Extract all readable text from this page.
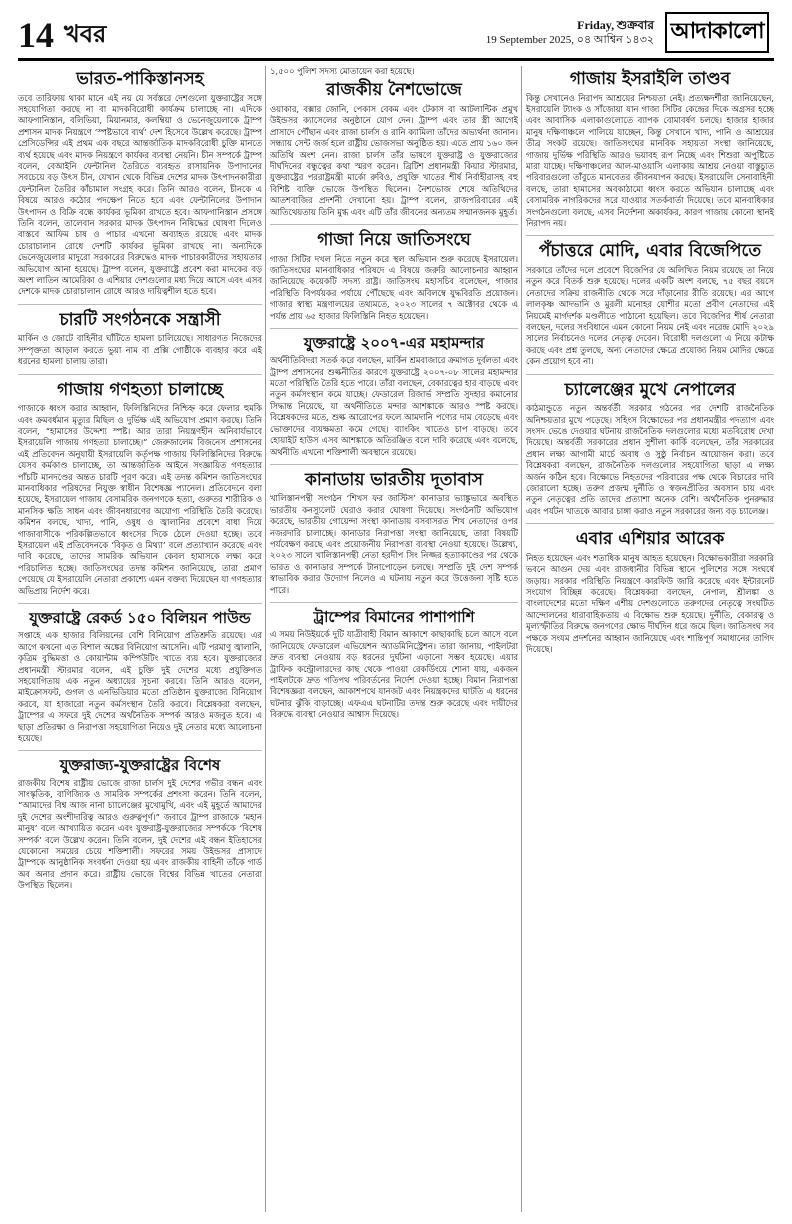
14 খবর	Friday, শুক্রবার
19 September 2025, ০৪ আশ্বিন ১৪৩২ আদাকালো
ভারত-পাকিস্তানসহ
তবে তারিফায় থাকা মানে এই নয় যে সর্বস্তরে দেশগুলো যুক্তরাষ্ট্রের সঙ্গে সহযোগিতা করছে না বা মাদকবিরোধী কার্যক্রম চালাচ্ছে না। এদিকে আফগানিস্তান, বলিভিয়া, মিয়ানমার, কলম্বিয়া ও ভেনেজুয়েলাকে ট্রাম্প প্রশাসন মাদক নিয়ন্ত্রণে ‘স্পষ্টভাবে ব্যর্থ’ দেশ হিসেবে উল্লেখ করেছে। ট্রাম্প প্রেসিডেন্সির এই প্রথম এক বছরে আন্তর্জাতিক মাদকবিরোধী চুক্তি মানতে ব্যর্থ হয়েছে এবং মাদক নিয়ন্ত্রণে কার্যকর ব্যবস্থা নেয়নি। চীন সম্পর্কে ট্রাম্প বলেন, বেআইনি ফেন্টানিল তৈরিতে ব্যবহৃত রাসায়নিক উপাদানের সবচেয়ে বড় উৎস চীন, যেখান থেকে বিভিন্ন দেশের মাদক উৎপাদনকারীরা ফেন্টানিল তৈরির কাঁচামাল সংগ্রহ করে। তিনি আরও বলেন, চীনকে এ বিষয়ে আরও কঠোর পদক্ষেপ নিতে হবে এবং ফেন্টানিলের উপাদান উৎপাদন ও বিক্রি বন্ধে কার্যকর ভূমিকা রাখতে হবে। আফগানিস্তান প্রসঙ্গে তিনি বলেন, তালেবান সরকার মাদক উৎপাদন নিষিদ্ধের ঘোষণা দিলেও বাস্তবে আফিম চাষ ও পাচার এখনো অব্যাহত রয়েছে এবং মাদক চোরাচালান রোধে দেশটি কার্যকর ভূমিকা রাখছে না। অন্যদিকে ভেনেজুয়েলার মাদুরো সরকারের বিরুদ্ধেও মাদক পাচারকারীদের সহায়তার অভিযোগ আনা হয়েছে। ট্রাম্প বলেন, যুক্তরাষ্ট্রে প্রবেশ করা মাদকের বড় অংশ লাতিন আমেরিকা ও এশিয়ার দেশগুলোর মধ্য দিয়ে আসে এবং এসব দেশকে মাদক চোরাচালান রোধে আরও দায়িত্বশীল হতে হবে।
চারটি সংগঠনকে সন্ত্রাসী
মার্কিন ও জোটে বাহিনীর ঘাঁটিতে হামলা চালিয়েছে। সাধারণত নিজেদের সম্পৃক্ততা আড়াল করতে ভুয়া নাম বা প্রক্সি গোষ্ঠীকে ব্যবহার করে এই ধরনের হামলা চালায় তারা।
গাজায় গণহত্যা চালাচ্ছে
গাজাকে ধ্বংস করার আহ্বান, ফিলিস্তিনিদের নিশ্চিহ্ন করে ফেলার হুমকি এবং ক্রমবর্ধমান মৃত্যুর মিছিল ও দুর্ভিক্ষ এই অভিযোগ প্রমাণ করছে। তিনি বলেন, “হামাসের উদ্দেশ্য স্পষ্ট। আর তারা নিয়ন্ত্রণহীন অনিবার্যভাবে ইসরায়েলি গাজায় গণহত্যা চালাচ্ছে।” জেরুজালেম বিজনেস প্রশাসনের এই প্রতিবেদন অনুযায়ী ইসরায়েলি কর্তৃপক্ষ গাজায় ফিলিস্তিনিদের বিরুদ্ধে যেসব কর্মকাণ্ড চালাচ্ছে, তা আন্তর্জাতিক আইনে সংজ্ঞায়িত গণহত্যার পাঁচটি মানদণ্ডের অন্তত চারটি পূরণ করে। এই তদন্ত কমিশন জাতিসংঘের মানবাধিকার পরিষদের নিযুক্ত স্বাধীন বিশেষজ্ঞ প্যানেল। প্রতিবেদনে বলা হয়েছে, ইসরায়েল গাজায় বেসামরিক জনগণকে হত্যা, গুরুতর শারীরিক ও মানসিক ক্ষতি সাধন এবং জীবনধারণের অযোগ্য পরিস্থিতি তৈরি করেছে। কমিশন বলছে, খাদ্য, পানি, ওষুধ ও জ্বালানির প্রবেশে বাধা দিয়ে গাজাবাসীকে পরিকল্পিতভাবে ধ্বংসের দিকে ঠেলে দেওয়া হচ্ছে। তবে ইসরায়েল এই প্রতিবেদনকে ‘বিকৃত ও মিথ্যা’ বলে প্রত্যাখ্যান করেছে এবং দাবি করেছে, তাদের সামরিক অভিযান কেবল হামাসকে লক্ষ্য করে পরিচালিত হচ্ছে। জাতিসংঘের তদন্ত কমিশন জানিয়েছে, তারা প্রমাণ পেয়েছে যে ইসরায়েলি নেতারা প্রকাশ্যে এমন বক্তব্য দিয়েছেন যা গণহত্যার অভিপ্রায় নির্দেশ করে।
যুক্তরাষ্ট্রে রেকর্ড ১৫০ বিলিয়ন পাউন্ড
সপ্তাহে এক হাজার বিলিয়নের বেশি বিনিয়োগ প্রতিশ্রুতি রয়েছে। এর আগে কখনো এত বিশাল অঙ্কের বিনিয়োগ আসেনি। এটি পরমাণু জ্বালানি, কৃত্রিম বুদ্ধিমত্তা ও কোয়ান্টাম কম্পিউটিং খাতে ব্যয় হবে। যুক্তরাজ্যের প্রধানমন্ত্রী স্টারমার বলেন, এই চুক্তি দুই দেশের মধ্যে প্রযুক্তিগত সহযোগিতায় এক নতুন অধ্যায়ের সূচনা করবে। তিনি আরও বলেন, মাইক্রোসফট, গুগল ও এনভিডিয়ার মতো প্রতিষ্ঠান যুক্তরাজ্যে বিনিয়োগ করবে, যা হাজারো নতুন কর্মসংস্থান তৈরি করবে। বিশ্লেষকরা বলছেন, ট্রাম্পের এ সফরে দুই দেশের অর্থনৈতিক সম্পর্ক আরও মজবুত হবে। এ ছাড়া প্রতিরক্ষা ও নিরাপত্তা সহযোগিতা নিয়েও দুই নেতার মধ্যে আলোচনা হয়েছে।
যুক্তরাজ্য-যুক্তরাষ্ট্রের বিশেষ
রাজকীয় বিশেষ রাষ্ট্রীয় ভোজে রাজা চার্লস দুই দেশের গভীর বন্ধন এবং সাংস্কৃতিক, বাণিজ্যিক ও সামরিক সম্পর্কের প্রশংসা করেন। তিনি বলেন, “আমাদের বিশ্ব আজ নানা চ্যালেঞ্জের মুখোমুখি, এবং এই মুহূর্তে আমাদের দুই দেশের অংশীদারিত্ব আরও গুরুত্বপূর্ণ।” জবাবে ট্রাম্প রাজাকে ‘মহান মানুষ’ বলে আখ্যায়িত করেন এবং যুক্তরাষ্ট্র-যুক্তরাজ্যের সম্পর্ককে ‘বিশেষ সম্পর্ক’ বলে উল্লেখ করেন। তিনি বলেন, দুই দেশের এই বন্ধন ইতিহাসের যেকোনো সময়ের চেয়ে শক্তিশালী। সফরের সময় উইন্ডসর প্রাসাদে ট্রাম্পকে আনুষ্ঠানিক সংবর্ধনা দেওয়া হয় এবং রাজকীয় বাহিনী তাঁকে গার্ড অব অনার প্রদান করে। রাষ্ট্রীয় ভোজে বিশ্বের বিভিন্ন খাতের নেতারা উপস্থিত ছিলেন।
১,৫০০ পুলিশ সদস্য মোতায়েন করা হয়েছে।
রাজকীয় নৈশভোজে
ওয়াকার, বক্সার জোনি, পেকাস বেকম এবং টেকাস বা আটলান্টিক প্রমুখ উইন্ডসর ক্যাসেলের অনুষ্ঠানে যোগ দেন। ট্রাম্প এবং তার স্ত্রী আগেই প্রাসাদে পৌঁছান এবং রাজা চার্লস ও রানি ক্যামিলা তাঁদের অভ্যর্থনা জানান। সন্ধ্যায় সেন্ট জর্জ হলে রাষ্ট্রীয় ভোজসভা অনুষ্ঠিত হয়। এতে প্রায় ১৬০ জন অতিথি অংশ নেন। রাজা চার্লস তাঁর ভাষণে যুক্তরাষ্ট্র ও যুক্তরাজ্যের দীর্ঘদিনের বন্ধুত্বের কথা স্মরণ করেন। ব্রিটিশ প্রধানমন্ত্রী কিয়ার স্টারমার, যুক্তরাষ্ট্রের পররাষ্ট্রমন্ত্রী মার্কো রুবিও, প্রযুক্তি খাতের শীর্ষ নির্বাহীরাসহ বহু বিশিষ্ট ব্যক্তি ভোজে উপস্থিত ছিলেন। নৈশভোজ শেষে অতিথিদের আতশবাজির প্রদর্শনী দেখানো হয়। ট্রাম্প বলেন, রাজপরিবারের এই আতিথেয়তায় তিনি মুগ্ধ এবং এটি তাঁর জীবনের অন্যতম সম্মানজনক মুহূর্ত।
গাজা নিয়ে জাতিসংঘে
গাজা সিটির দখল নিতে নতুন করে স্থল অভিযান শুরু করেছে ইসরায়েল। জাতিসংঘের মানবাধিকার পরিষদে এ বিষয়ে জরুরি আলোচনার আহ্বান জানিয়েছে কয়েকটি সদস্য রাষ্ট্র। জাতিসংঘ মহাসচিব বলেছেন, গাজার পরিস্থিতি বিপর্যয়কর পর্যায়ে পৌঁছেছে এবং অবিলম্বে যুদ্ধবিরতি প্রয়োজন। গাজার স্বাস্থ্য মন্ত্রণালয়ের তথ্যমতে, ২০২৩ সালের ৭ অক্টোবর থেকে এ পর্যন্ত প্রায় ৬৫ হাজার ফিলিস্তিনি নিহত হয়েছেন।
যুক্তরাষ্ট্রে ২০০৭-এর মহামন্দার
অর্থনীতিবিদরা সতর্ক করে বলছেন, মার্কিন শ্রমবাজারে ক্রমাগত দুর্বলতা এবং ট্রাম্প প্রশাসনের শুল্কনীতির কারণে যুক্তরাষ্ট্রে ২০০৭-০৮ সালের মহামন্দার মতো পরিস্থিতি তৈরি হতে পারে। তাঁরা বলছেন, বেকারত্বের হার বাড়ছে এবং নতুন কর্মসংস্থান কমে যাচ্ছে। ফেডারেল রিজার্ভ সম্প্রতি সুদহার কমানোর সিদ্ধান্ত নিয়েছে, যা অর্থনীতিতে মন্দার আশঙ্কাকে আরও স্পষ্ট করছে। বিশ্লেষকদের মতে, শুল্ক আরোপের ফলে আমদানি পণ্যের দাম বেড়েছে এবং ভোক্তাদের ব্যয়ক্ষমতা কমে গেছে। ব্যাংকিং খাতেও চাপ বাড়ছে। তবে হোয়াইট হাউস এসব আশঙ্কাকে অতিরঞ্জিত বলে দাবি করেছে এবং বলেছে, অর্থনীতি এখনো শক্তিশালী অবস্থানে রয়েছে।
কানাডায় ভারতীয় দূতাবাস
খালিস্তানপন্থী সংগঠন ‘শিখস ফর জাস্টিস’ কানাডার ভ্যাঙ্কুভারে অবস্থিত ভারতীয় কনস্যুলেট ঘেরাও করার ঘোষণা দিয়েছে। সংগঠনটি অভিযোগ করেছে, ভারতীয় গোয়েন্দা সংস্থা কানাডায় বসবাসরত শিখ নেতাদের ওপর নজরদারি চালাচ্ছে। কানাডার নিরাপত্তা সংস্থা জানিয়েছে, তারা বিষয়টি পর্যবেক্ষণ করছে এবং প্রয়োজনীয় নিরাপত্তা ব্যবস্থা নেওয়া হয়েছে। উল্লেখ্য, ২০২৩ সালে খালিস্তানপন্থী নেতা হরদীপ সিং নিজ্জর হত্যাকাণ্ডের পর থেকে ভারত ও কানাডার সম্পর্কে টানাপোড়েন চলছে। সম্প্রতি দুই দেশ সম্পর্ক স্বাভাবিক করার উদ্যোগ নিলেও এ ঘটনায় নতুন করে উত্তেজনা সৃষ্টি হতে পারে।
ট্রাম্পের বিমানের পাশাপাশি
এ সময় নিউইয়র্কে দুটি যাত্রীবাহী বিমান আকাশে কাছাকাছি চলে আসে বলে জানিয়েছে ফেডারেল এভিয়েশন অ্যাডমিনিস্ট্রেশন। তারা জানায়, পাইলটরা দ্রুত ব্যবস্থা নেওয়ায় বড় ধরনের দুর্ঘটনা এড়ানো সম্ভব হয়েছে। এয়ার ট্রাফিক কন্ট্রোলারদের কাছ থেকে পাওয়া রেকর্ডিংয়ে শোনা যায়, একজন পাইলটকে দ্রুত গতিপথ পরিবর্তনের নির্দেশ দেওয়া হচ্ছে। বিমান নিরাপত্তা বিশেষজ্ঞরা বলছেন, আকাশপথে যানজট এবং নিয়ন্ত্রকদের ঘাটতি এ ধরনের ঘটনার ঝুঁকি বাড়াচ্ছে। এফএএ ঘটনাটির তদন্ত শুরু করেছে এবং দায়ীদের বিরুদ্ধে ব্যবস্থা নেওয়ার আশ্বাস দিয়েছে।
গাজায় ইসরাইলি তাণ্ডব
কিন্তু সেখানেও নিরাপদ আশ্রয়ের নিশ্চয়তা নেই। প্রত্যক্ষদর্শীরা জানিয়েছেন, ইসরায়েলি ট্যাংক ও সাঁজোয়া যান গাজা সিটির কেন্দ্রের দিকে অগ্রসর হচ্ছে এবং আবাসিক এলাকাগুলোতে ব্যাপক বোমাবর্ষণ চলছে। হাজার হাজার মানুষ দক্ষিণাঞ্চলে পালিয়ে যাচ্ছেন, কিন্তু সেখানে খাদ্য, পানি ও আশ্রয়ের তীব্র সংকট রয়েছে। জাতিসংঘের মানবিক সহায়তা সংস্থা জানিয়েছে, গাজায় দুর্ভিক্ষ পরিস্থিতি আরও ভয়াবহ রূপ নিচ্ছে এবং শিশুরা অপুষ্টিতে মারা যাচ্ছে। দক্ষিণাঞ্চলের আল-মাওয়াসি এলাকায় আশ্রয় নেওয়া বাস্তুচ্যুত পরিবারগুলো তাঁবুতে মানবেতর জীবনযাপন করছে। ইসরায়েলি সেনাবাহিনী বলছে, তারা হামাসের অবকাঠামো ধ্বংস করতে অভিযান চালাচ্ছে এবং বেসামরিক নাগরিকদের সরে যাওয়ার সতর্কবার্তা দিয়েছে। তবে মানবাধিকার সংগঠনগুলো বলছে, এসব নির্দেশনা অকার্যকর, কারণ গাজায় কোনো স্থানই নিরাপদ নয়।
পঁচাত্তরে মোদি, এবার বিজেপিতে
সরকারে তাঁদের দলে প্রবেশে বিজেপির যে অলিখিত নিয়ম রয়েছে তা নিয়ে নতুন করে বিতর্ক শুরু হয়েছে। দলের একটি অংশ বলছে, ৭৫ বছর বয়সে নেতাদের সক্রিয় রাজনীতি থেকে সরে দাঁড়ানোর রীতি রয়েছে। এর আগে লালকৃষ্ণ আদভানি ও মুরলী মনোহর যোশীর মতো প্রবীণ নেতাদের এই নিয়মেই মার্গদর্শক মণ্ডলীতে পাঠানো হয়েছিল। তবে বিজেপির শীর্ষ নেতারা বলছেন, দলের সংবিধানে এমন কোনো নিয়ম নেই এবং নরেন্দ্র মোদি ২০২৯ সালের নির্বাচনেও দলের নেতৃত্ব দেবেন। বিরোধী দলগুলো এ নিয়ে কটাক্ষ করছে এবং প্রশ্ন তুলছে, অন্য নেতাদের ক্ষেত্রে প্রযোজ্য নিয়ম মোদির ক্ষেত্রে কেন প্রয়োগ হবে না।
চ্যালেঞ্জের মুখে নেপালের
কাঠমান্ডুতে নতুন অন্তর্বর্তী সরকার গঠনের পর দেশটি রাজনৈতিক অনিশ্চয়তার মুখে পড়েছে। সহিংস বিক্ষোভের পর প্রধানমন্ত্রীর পদত্যাগ এবং সংসদ ভেঙে দেওয়ার ঘটনায় রাজনৈতিক দলগুলোর মধ্যে মতবিরোধ দেখা দিয়েছে। অন্তর্বর্তী সরকারের প্রধান সুশীলা কার্কি বলেছেন, তাঁর সরকারের প্রধান লক্ষ্য আগামী মার্চে অবাধ ও সুষ্ঠু নির্বাচন আয়োজন করা। তবে বিশ্লেষকরা বলছেন, রাজনৈতিক দলগুলোর সহযোগিতা ছাড়া এ লক্ষ্য অর্জন কঠিন হবে। বিক্ষোভে নিহতদের পরিবারের পক্ষ থেকে বিচারের দাবি জোরালো হচ্ছে। তরুণ প্রজন্ম দুর্নীতি ও স্বজনপ্রীতির অবসান চায় এবং নতুন নেতৃত্বের প্রতি তাদের প্রত্যাশা অনেক বেশি। অর্থনৈতিক পুনরুদ্ধার এবং পর্যটন খাতকে আবার চাঙ্গা করাও নতুন সরকারের জন্য বড় চ্যালেঞ্জ।
এবার এশিয়ার আরেক
নিহত হয়েছেন এবং শতাধিক মানুষ আহত হয়েছেন। বিক্ষোভকারীরা সরকারি ভবনে আগুন দেয় এবং রাজধানীর বিভিন্ন স্থানে পুলিশের সঙ্গে সংঘর্ষে জড়ায়। সরকার পরিস্থিতি নিয়ন্ত্রণে কারফিউ জারি করেছে এবং ইন্টারনেট সংযোগ বিচ্ছিন্ন করেছে। বিশ্লেষকরা বলছেন, নেপাল, শ্রীলঙ্কা ও বাংলাদেশের মতো দক্ষিণ এশীয় দেশগুলোতে তরুণদের নেতৃত্বে সংঘটিত আন্দোলনের ধারাবাহিকতায় এ বিক্ষোভ শুরু হয়েছে। দুর্নীতি, বেকারত্ব ও মূল্যস্ফীতির বিরুদ্ধে জনগণের ক্ষোভ দীর্ঘদিন ধরে জমে ছিল। জাতিসংঘ সব পক্ষকে সংযম প্রদর্শনের আহ্বান জানিয়েছে এবং শান্তিপূর্ণ সমাধানের তাগিদ দিয়েছে।
